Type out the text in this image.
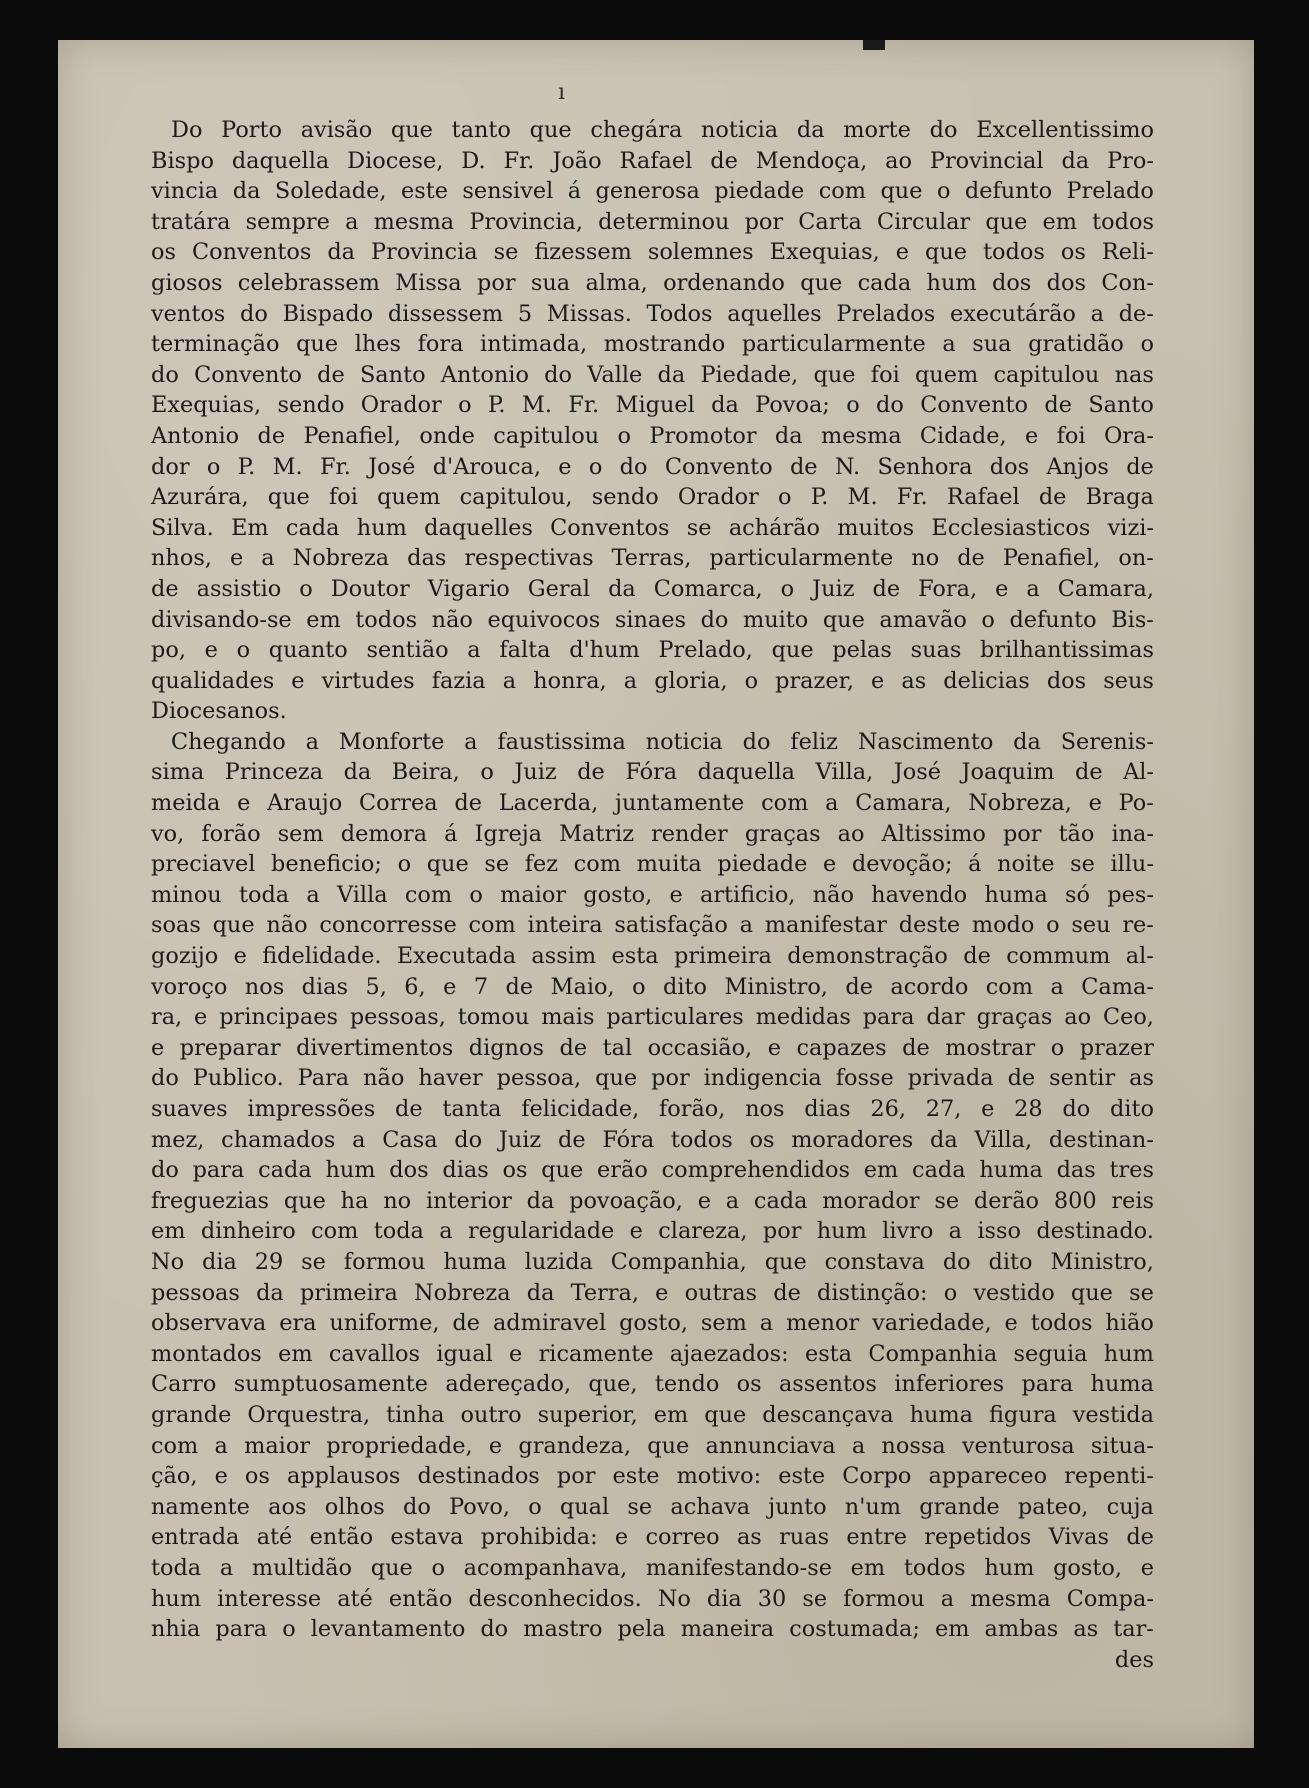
ı
Do Porto avisão que tanto que chegára noticia da morte do Excellentissimo
Bispo daquella Diocese, D. Fr. João Rafael de Mendoça, ao Provincial da Pro-
vincia da Soledade, este sensivel á generosa piedade com que o defunto Prelado
tratára sempre a mesma Provincia, determinou por Carta Circular que em todos
os Conventos da Provincia se fizessem solemnes Exequias, e que todos os Reli-
giosos celebrassem Missa por sua alma, ordenando que cada hum dos dos Con-
ventos do Bispado dissessem 5 Missas. Todos aquelles Prelados executárão a de-
terminação que lhes fora intimada, mostrando particularmente a sua gratidão o
do Convento de Santo Antonio do Valle da Piedade, que foi quem capitulou nas
Exequias, sendo Orador o P. M. Fr. Miguel da Povoa; o do Convento de Santo
Antonio de Penafiel, onde capitulou o Promotor da mesma Cidade, e foi Ora-
dor o P. M. Fr. José d'Arouca, e o do Convento de N. Senhora dos Anjos de
Azurára, que foi quem capitulou, sendo Orador o P. M. Fr. Rafael de Braga
Silva. Em cada hum daquelles Conventos se achárão muitos Ecclesiasticos vizi-
nhos, e a Nobreza das respectivas Terras, particularmente no de Penafiel, on-
de assistio o Doutor Vigario Geral da Comarca, o Juiz de Fora, e a Camara,
divisando-se em todos não equivocos sinaes do muito que amavão o defunto Bis-
po, e o quanto sentião a falta d'hum Prelado, que pelas suas brilhantissimas
qualidades e virtudes fazia a honra, a gloria, o prazer, e as delicias dos seus
Diocesanos.
Chegando a Monforte a faustissima noticia do feliz Nascimento da Serenis-
sima Princeza da Beira, o Juiz de Fóra daquella Villa, José Joaquim de Al-
meida e Araujo Correa de Lacerda, juntamente com a Camara, Nobreza, e Po-
vo, forão sem demora á Igreja Matriz render graças ao Altissimo por tão ina-
preciavel beneficio; o que se fez com muita piedade e devoção; á noite se illu-
minou toda a Villa com o maior gosto, e artificio, não havendo huma só pes-
soas que não concorresse com inteira satisfação a manifestar deste modo o seu re-
gozijo e fidelidade. Executada assim esta primeira demonstração de commum al-
voroço nos dias 5, 6, e 7 de Maio, o dito Ministro, de acordo com a Cama-
ra, e principaes pessoas, tomou mais particulares medidas para dar graças ao Ceo,
e preparar divertimentos dignos de tal occasião, e capazes de mostrar o prazer
do Publico. Para não haver pessoa, que por indigencia fosse privada de sentir as
suaves impressões de tanta felicidade, forão, nos dias 26, 27, e 28 do dito
mez, chamados a Casa do Juiz de Fóra todos os moradores da Villa, destinan-
do para cada hum dos dias os que erão comprehendidos em cada huma das tres
freguezias que ha no interior da povoação, e a cada morador se derão 800 reis
em dinheiro com toda a regularidade e clareza, por hum livro a isso destinado.
No dia 29 se formou huma luzida Companhia, que constava do dito Ministro,
pessoas da primeira Nobreza da Terra, e outras de distinção: o vestido que se
observava era uniforme, de admiravel gosto, sem a menor variedade, e todos hião
montados em cavallos igual e ricamente ajaezados: esta Companhia seguia hum
Carro sumptuosamente adereçado, que, tendo os assentos inferiores para huma
grande Orquestra, tinha outro superior, em que descançava huma figura vestida
com a maior propriedade, e grandeza, que annunciava a nossa venturosa situa-
ção, e os applausos destinados por este motivo: este Corpo appareceo repenti-
namente aos olhos do Povo, o qual se achava junto n'um grande pateo, cuja
entrada até então estava prohibida: e correo as ruas entre repetidos Vivas de
toda a multidão que o acompanhava, manifestando-se em todos hum gosto, e
hum interesse até então desconhecidos. No dia 30 se formou a mesma Compa-
nhia para o levantamento do mastro pela maneira costumada; em ambas as tar-
des
